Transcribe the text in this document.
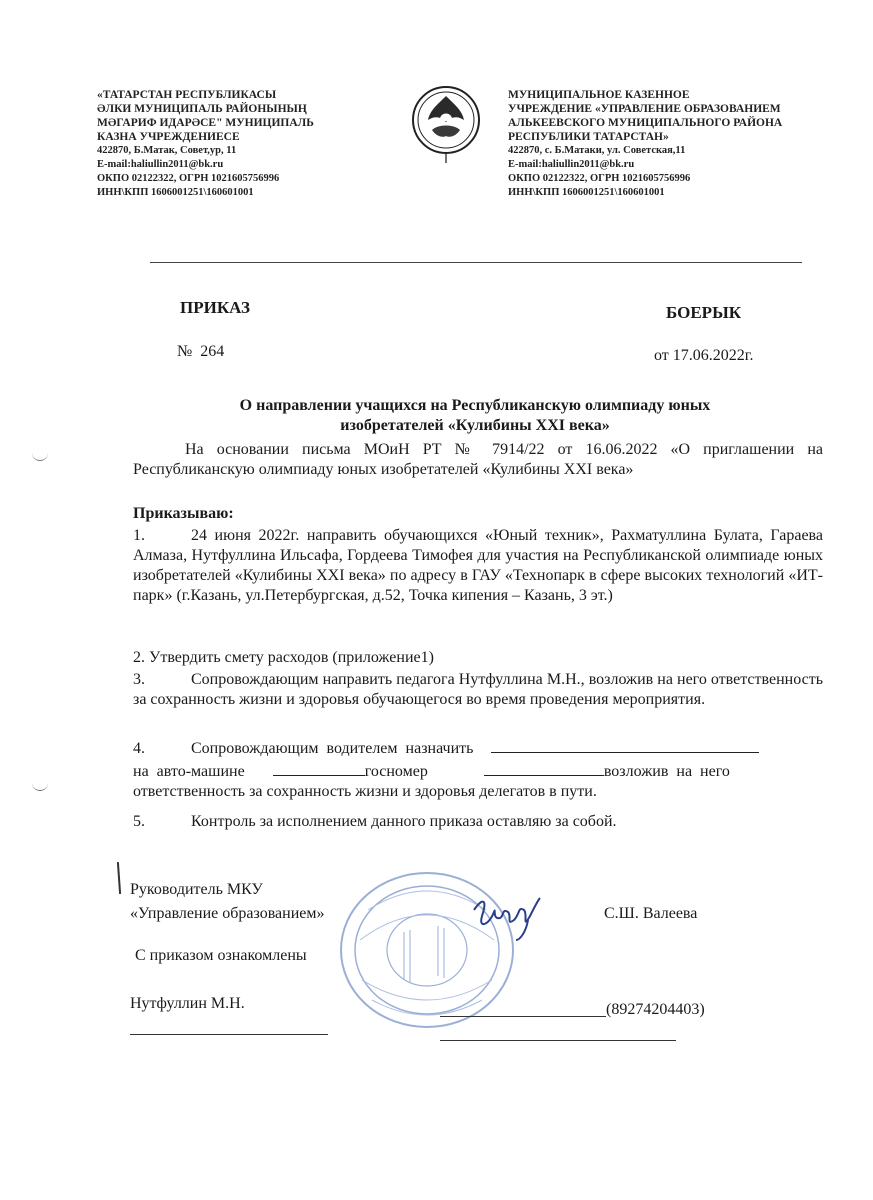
«ТАТАРСТАН РЕСПУБЛИКАСЫ
ӘЛКИ МУНИЦИПАЛЬ РАЙОНЫНЫҢ
МӘГАРИФ ИДАРӘСЕ" МУНИЦИПАЛЬ
КАЗНА УЧРЕЖДЕНИЕСЕ
422870, Б.Матак, Совет,ур, 11
E-mail:haliullin2011@bk.ru
ОКПО 02122322, ОГРН 1021605756996
ИНН\КПП 1606001251\160601001
МУНИЦИПАЛЬНОЕ КАЗЕННОЕ
УЧРЕЖДЕНИЕ «УПРАВЛЕНИЕ ОБРАЗОВАНИЕМ
АЛЬКЕЕВСКОГО МУНИЦИПАЛЬНОГО РАЙОНА
РЕСПУБЛИКИ ТАТАРСТАН»
422870, с. Б.Матаки, ул. Советская,11
E-mail:haliullin2011@bk.ru
ОКПО 02122322, ОГРН 1021605756996
ИНН\КПП 1606001251\160601001
ПРИКАЗ	БОЕРЫК
№  264	от 17.06.2022г.
О направлении учащихся на Республиканскую олимпиаду юных
изобретателей «Кулибины XXI века»
На основании письма МОиН РТ № 7914/22 от 16.06.2022 «О приглашении на Республиканскую олимпиаду юных изобретателей «Кулибины XXI века»
Приказываю:
1.	24 июня 2022г. направить обучающихся «Юный техник», Рахматуллина Булата, Гараева Алмаза, Нутфуллина Ильсафа, Гордеева Тимофея для участия на Республиканской олимпиаде юных изобретателей «Кулибины XXI века» по адресу в ГАУ «Технопарк в сфере высоких технологий «ИТ-парк» (г.Казань, ул.Петербургская, д.52, Точка кипения – Казань, 3 эт.)
2. Утвердить смету расходов (приложение1)
3.	Сопровождающим направить педагога Нутфуллина М.Н., возложив на него ответственность за сохранность жизни и здоровья обучающегося во время проведения мероприятия.
4.	Сопровождающим  водителем  назначить
на  авто-машине	госномер	возложив  на  него
ответственность за сохранность жизни и здоровья делегатов в пути.
5.	Контроль за исполнением данного приказа оставляю за собой.
Руководитель МКУ
«Управление образованием»	С.Ш. Валеева
С приказом ознакомлены
Нутфуллин М.Н.	(89274204403)
